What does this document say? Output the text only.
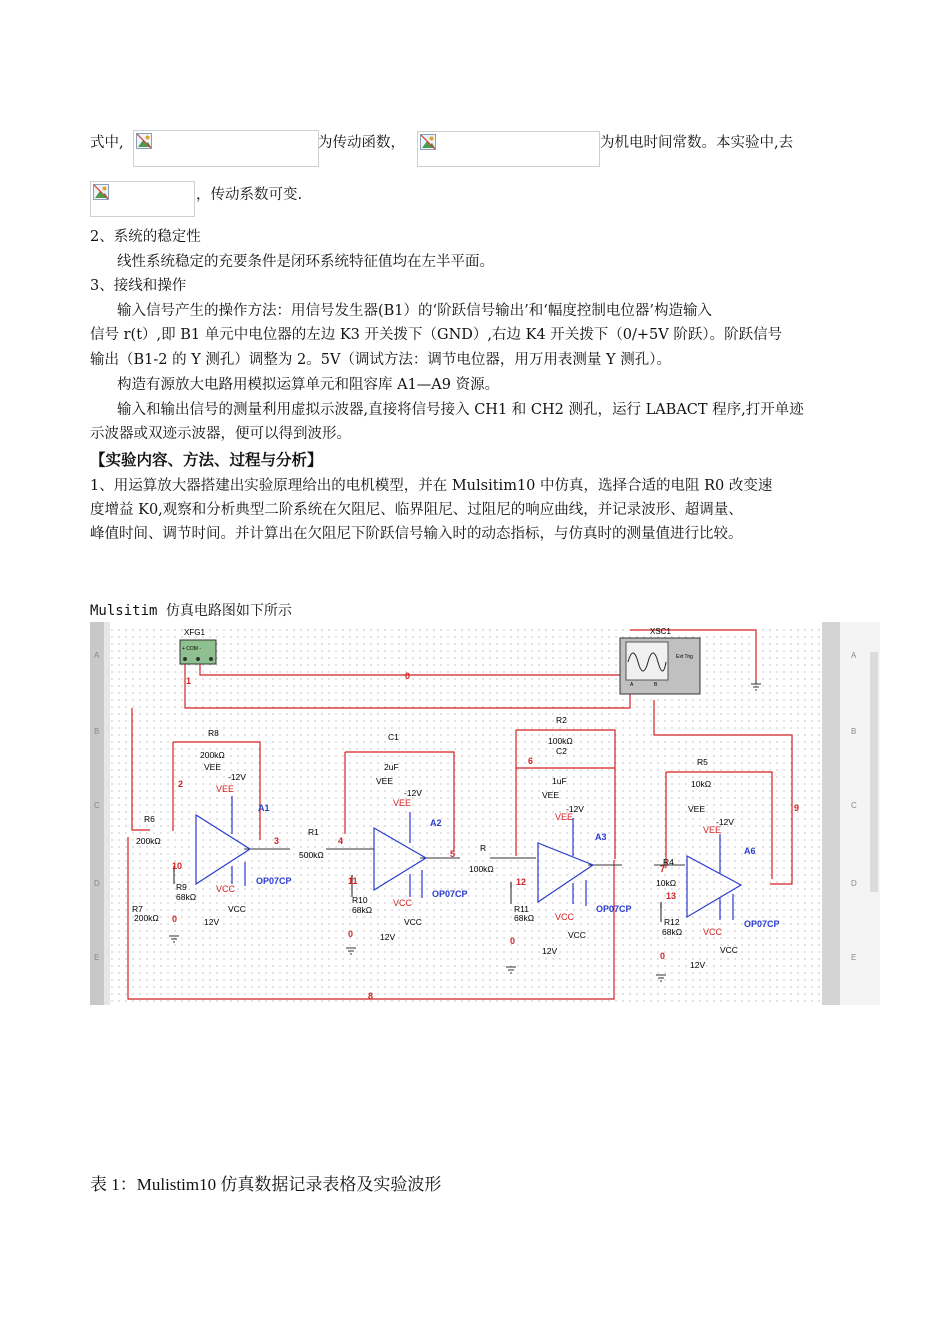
式中,	为传动函数，	为机电时间常数。本实验中,去
，传动系数可变.
2、系统的稳定性
线性系统稳定的充要条件是闭环系统特征值均在左半平面。
3、接线和操作
输入信号产生的操作方法：用信号发生器(B1）的‘阶跃信号输出’和‘幅度控制电位器’构造输入
信号 r(t）,即 B1 单元中电位器的左边 K3 开关拨下（GND）,右边 K4 开关拨下（0/+5V 阶跃）。阶跃信号
输出（B1-2 的 Y 测孔）调整为 2。5V（调试方法：调节电位器，用万用表测量 Y 测孔）。
构造有源放大电路用模拟运算单元和阻容库 A1—A9 资源。
输入和输出信号的测量利用虚拟示波器,直接将信号接入 CH1 和 CH2 测孔，运行 LABACT 程序,打开单迹
示波器或双迹示波器，便可以得到波形。
【实验内容、方法、过程与分析】
1、用运算放大器搭建出实验原理给出的电机模型，并在 Mulsitim10 中仿真，选择合适的电阻 R0 改变速
度增益 K0,观察和分析典型二阶系统在欠阻尼、临界阻尼、过阻尼的响应曲线，并记录波形、超调量、
峰值时间、调节时间。并计算出在欠阻尼下阶跃信号输入时的动态指标，与仿真时的测量值进行比较。
Mulsitim 仿真电路图如下所示
A
B
C
D
E
A
B
C
D
E
XFG1
+ COM -
XSC1
Ext Trig
A	B
R8
200kΩ
R6
200kΩ
R7
200kΩ
R9
68kΩ
R1
500kΩ
R10
68kΩ
R
100kΩ
R2
100kΩ
R11
68kΩ
R4
10kΩ
R5
10kΩ
R12
68kΩ
C1
2uF
C2
1uF
VEE
VEE
VEE
VEE
VCC
VCC
VCC
VCC
12V
12V
12V
12V
-12V
-12V
-12V
-12V
VEE
VEE
VEE
VEE
VCC
VCC
VCC
VCC
A1
A2
A3
A6
OP07CP
OP07CP
OP07CP
OP07CP
0
1
2
3	4
5
6
7
8
9
10
11	12
13
0
0
0
0
表 1：Mulistim10 仿真数据记录表格及实验波形
